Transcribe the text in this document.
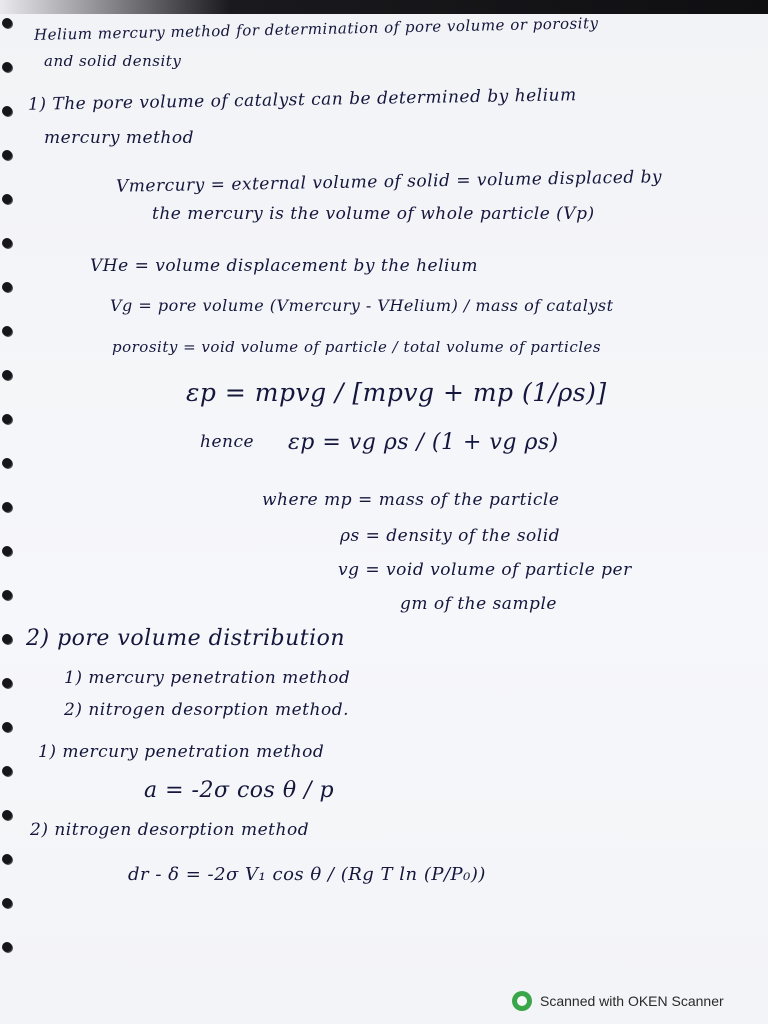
Helium mercury method for determination of pore volume or porosity
and solid density
1) The pore volume of catalyst can be determined by helium
mercury method
Vmercury = external volume of solid = volume displaced by
the mercury is the volume of whole particle (Vp)
VHe = volume displacement by the helium
Vg = pore volume (Vmercury - VHelium) / mass of catalyst
porosity = void volume of particle / total volume of particles
εp = mpvg / [mpvg + mp (1/ρs)]
hence εp = vg ρs / (1 + vg ρs)
where mp = mass of the particle
ρs = density of the solid
vg = void volume of particle per
gm of the sample
2) pore volume distribution
1) mercury penetration method
2) nitrogen desorption method.
1) mercury penetration method
a = -2σ cos θ / p
2) nitrogen desorption method
dr - δ = -2σ V₁ cos θ / (Rg T ln (P/P₀))
Scanned with OKEN Scanner
